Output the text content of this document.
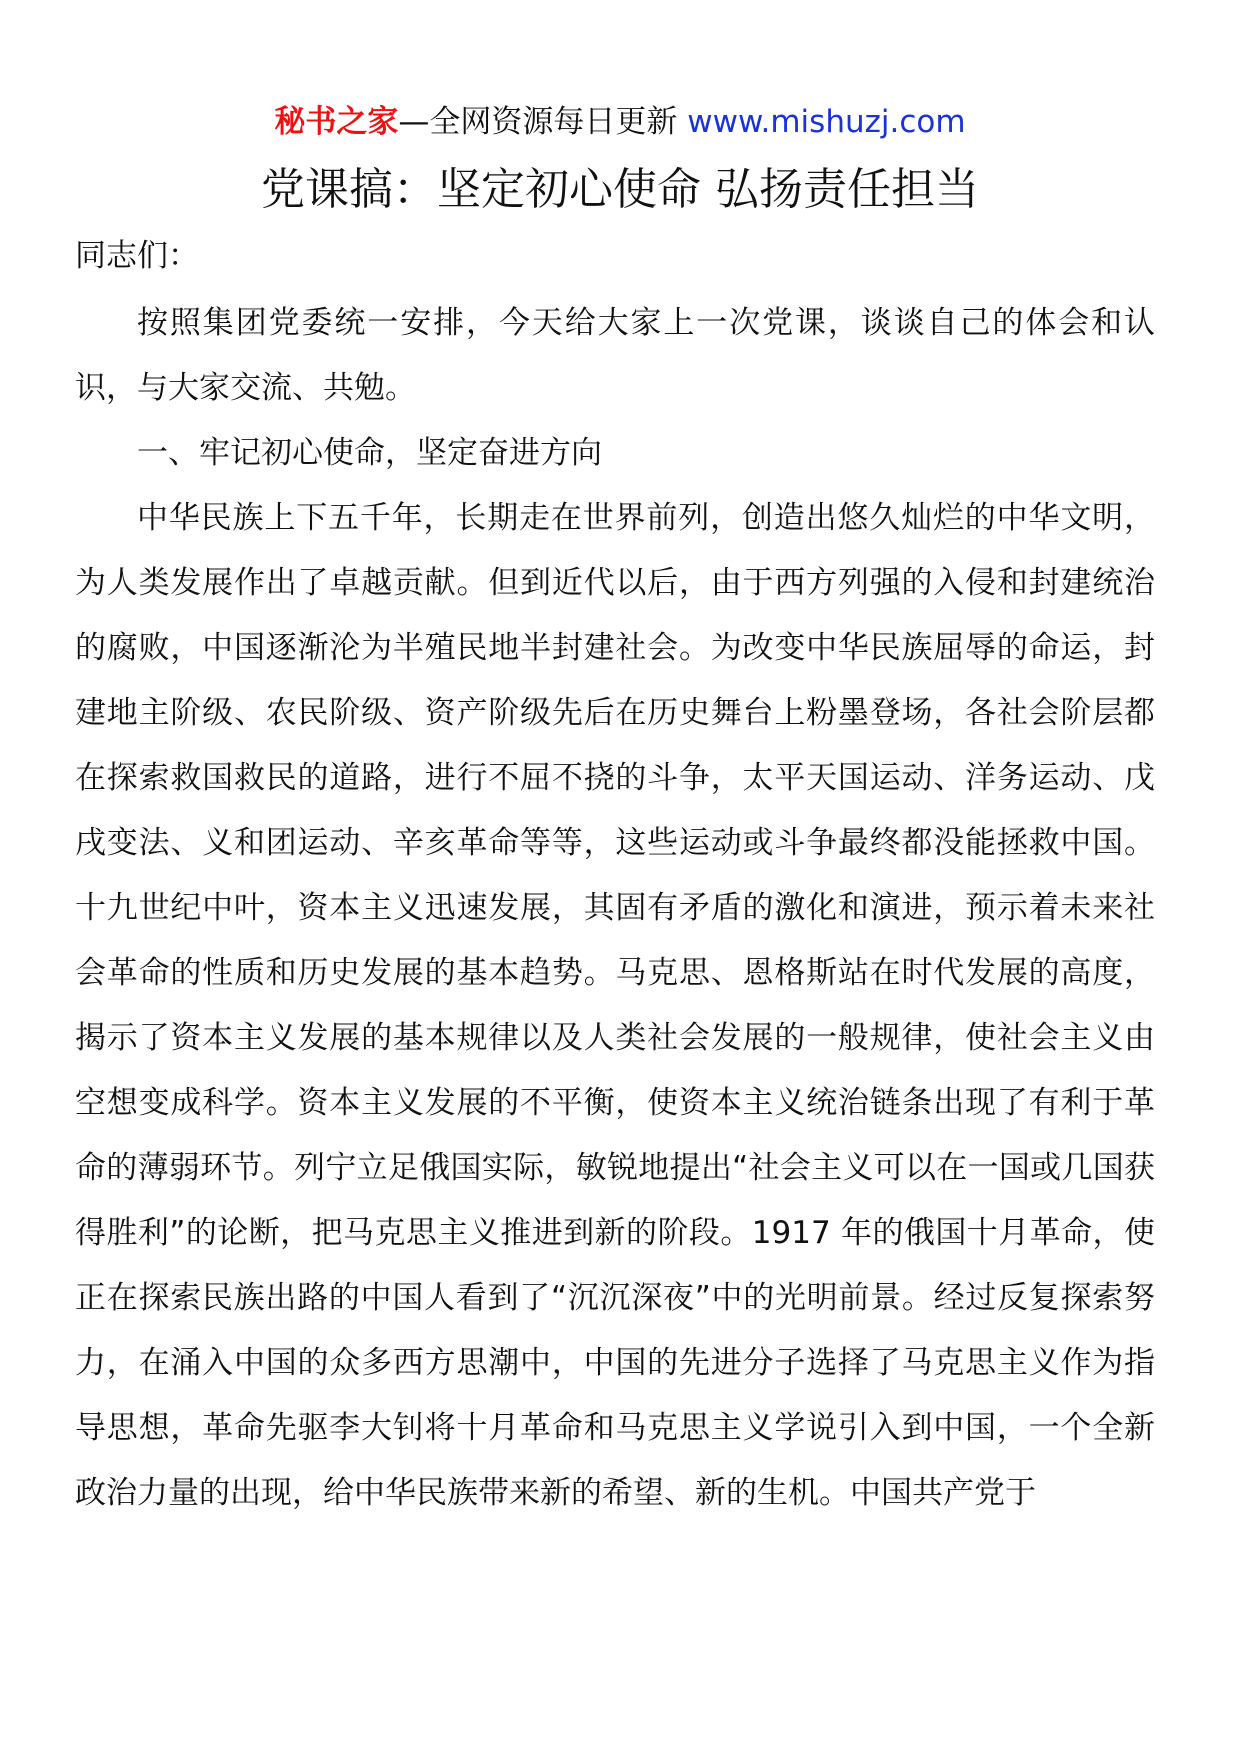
秘书之家—全网资源每日更新 www.mishuzj.com
党课搞：坚定初心使命 弘扬责任担当

同志们：

按照集团党委统一安排，今天给大家上一次党课，谈谈自己的体会和认识，与大家交流、共勉。

一、牢记初心使命，坚定奋进方向

中华民族上下五千年，长期走在世界前列，创造出悠久灿烂的中华文明，为人类发展作出了卓越贡献。但到近代以后，由于西方列强的入侵和封建统治的腐败，中国逐渐沦为半殖民地半封建社会。为改变中华民族屈辱的命运，封建地主阶级、农民阶级、资产阶级先后在历史舞台上粉墨登场，各社会阶层都在探索救国救民的道路，进行不屈不挠的斗争，太平天国运动、洋务运动、戊戌变法、义和团运动、辛亥革命等等，这些运动或斗争最终都没能拯救中国。十九世纪中叶，资本主义迅速发展，其固有矛盾的激化和演进，预示着未来社会革命的性质和历史发展的基本趋势。马克思、恩格斯站在时代发展的高度，揭示了资本主义发展的基本规律以及人类社会发展的一般规律，使社会主义由空想变成科学。资本主义发展的不平衡，使资本主义统治链条出现了有利于革命的薄弱环节。列宁立足俄国实际，敏锐地提出“社会主义可以在一国或几国获得胜利”的论断，把马克思主义推进到新的阶段。1917 年的俄国十月革命，使正在探索民族出路的中国人看到了“沉沉深夜”中的光明前景。经过反复探索努力，在涌入中国的众多西方思潮中，中国的先进分子选择了马克思主义作为指导思想，革命先驱李大钊将十月革命和马克思主义学说引入到中国，一个全新政治力量的出现，给中华民族带来新的希望、新的生机。中国共产党于
